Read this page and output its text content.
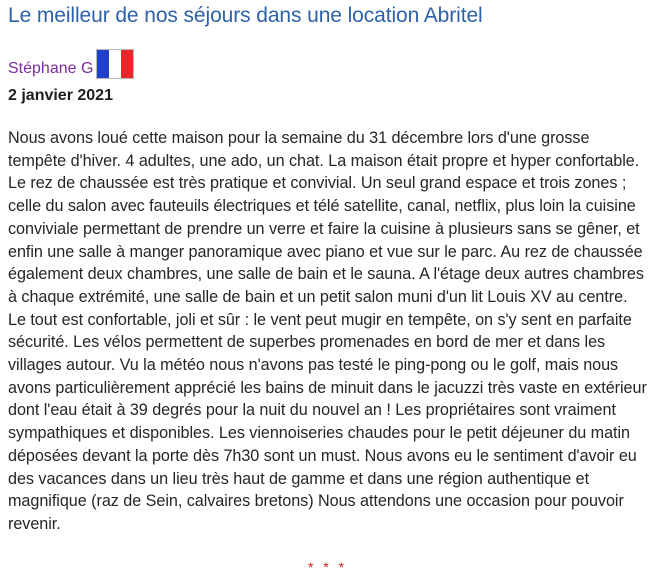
Le meilleur de nos séjours dans une location Abritel
Stéphane G
2 janvier 2021

Nous avons loué cette maison pour la semaine du 31 décembre lors d'une grosse tempête d'hiver. 4 adultes, une ado, un chat. La maison était propre et hyper confortable. Le rez de chaussée est très pratique et convivial. Un seul grand espace et trois zones ; celle du salon avec fauteuils électriques et télé satellite, canal, netflix, plus loin la cuisine conviviale permettant de prendre un verre et faire la cuisine à plusieurs sans se gêner, et enfin une salle à manger panoramique avec piano et vue sur le parc. Au rez de chaussée également deux chambres, une salle de bain et le sauna. A l'étage deux autres chambres à chaque extrémité, une salle de bain et un petit salon muni d'un lit Louis XV au centre. Le tout est confortable, joli et sûr : le vent peut mugir en tempête, on s'y sent en parfaite sécurité. Les vélos permettent de superbes promenades en bord de mer et dans les villages autour. Vu la météo nous n'avons pas testé le ping-pong ou le golf, mais nous avons particulièrement apprécié les bains de minuit dans le jacuzzi très vaste en extérieur dont l'eau était à 39 degrés pour la nuit du nouvel an ! Les propriétaires sont vraiment sympathiques et disponibles. Les viennoiseries chaudes pour le petit déjeuner du matin déposées devant la porte dès 7h30 sont un must. Nous avons eu le sentiment d'avoir eu des vacances dans un lieu très haut de gamme et dans une région authentique et magnifique (raz de Sein, calvaires bretons) Nous attendons une occasion pour pouvoir revenir.

* * *
